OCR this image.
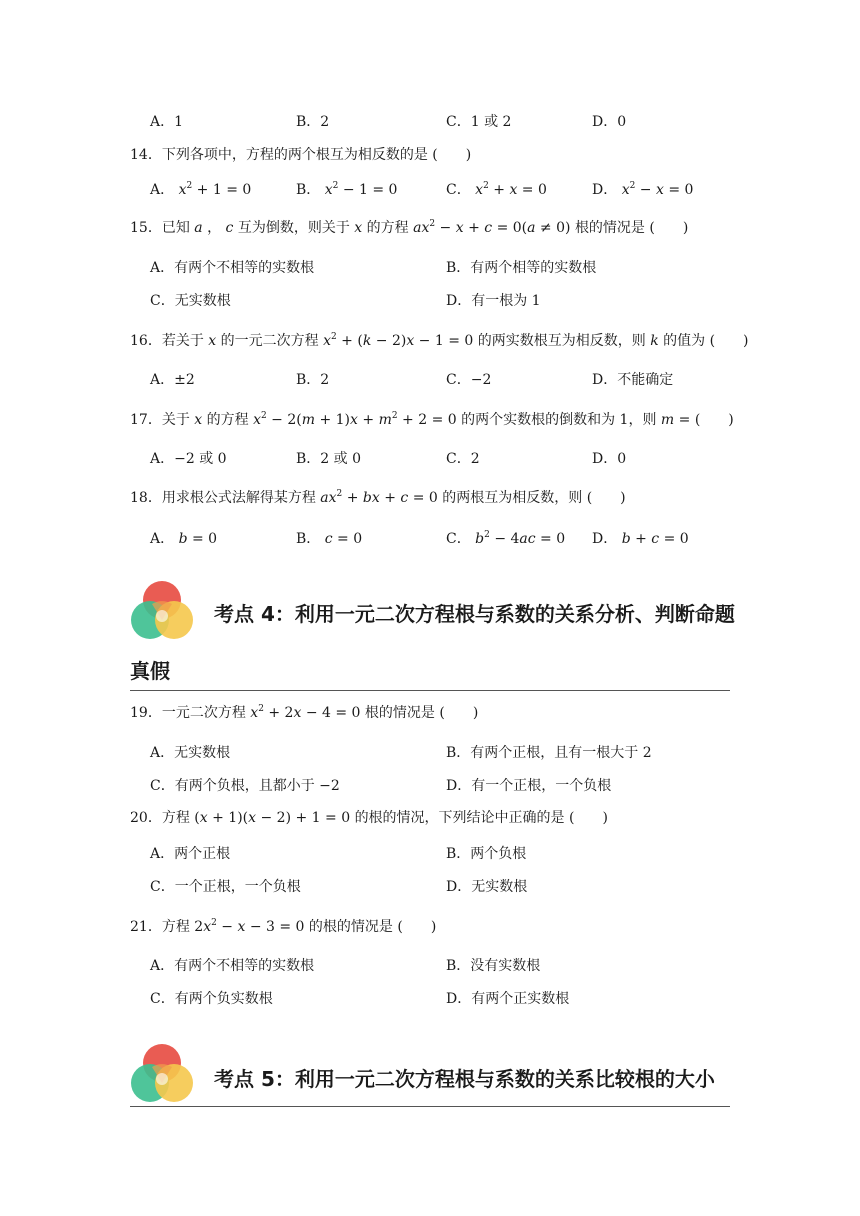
A．1	B．2	C．1 或 2	D．0
14．下列各项中，方程的两个根互为相反数的是 (　　)
A． $x^2 + 1 = 0$	B． $x^2 - 1 = 0$	C． $x^2 + x = 0$	D． $x^2 - x = 0$
15．已知 a ， c 互为倒数，则关于 x 的方程 $ax^2 - x + c = 0(a \ne 0)$ 根的情况是 (　　)
A．有两个不相等的实数根	B．有两个相等的实数根
C．无实数根	D．有一根为 1
16．若关于 x 的一元二次方程 $x^2 + (k - 2)x - 1 = 0$ 的两实数根互为相反数，则 k 的值为 (　　)
A．±2	B．2	C．−2	D．不能确定
17．关于 x 的方程 $x^2 - 2(m + 1)x + m^2 + 2 = 0$ 的两个实数根的倒数和为 1，则 m = (　　)
A．−2 或 0	B．2 或 0	C．2	D．0
18．用求根公式法解得某方程 $ax^2$ + bx + c = 0 的两根互为相反数，则 (　　)
A． b = 0	B． c = 0	C． $b^2 - 4ac = 0$ D． b + c = 0
考点 4：利用一元二次方程根与系数的关系分析、判断命题
真假
19．一元二次方程 $x^2 + 2x - 4 = 0$ 根的情况是 (　　)
A．无实数根	B．有两个正根，且有一根大于 2
C．有两个负根，且都小于 −2	D．有一个正根，一个负根
20．方程 (x + 1)(x − 2) + 1 = 0 的根的情况，下列结论中正确的是 (　　)
A．两个正根	B．两个负根
C．一个正根，一个负根	D．无实数根
21．方程 $2x^2 - x - 3 = 0$ 的根的情况是 (　　)
A．有两个不相等的实数根	B．没有实数根
C．有两个负实数根	D．有两个正实数根
考点 5：利用一元二次方程根与系数的关系比较根的大小
